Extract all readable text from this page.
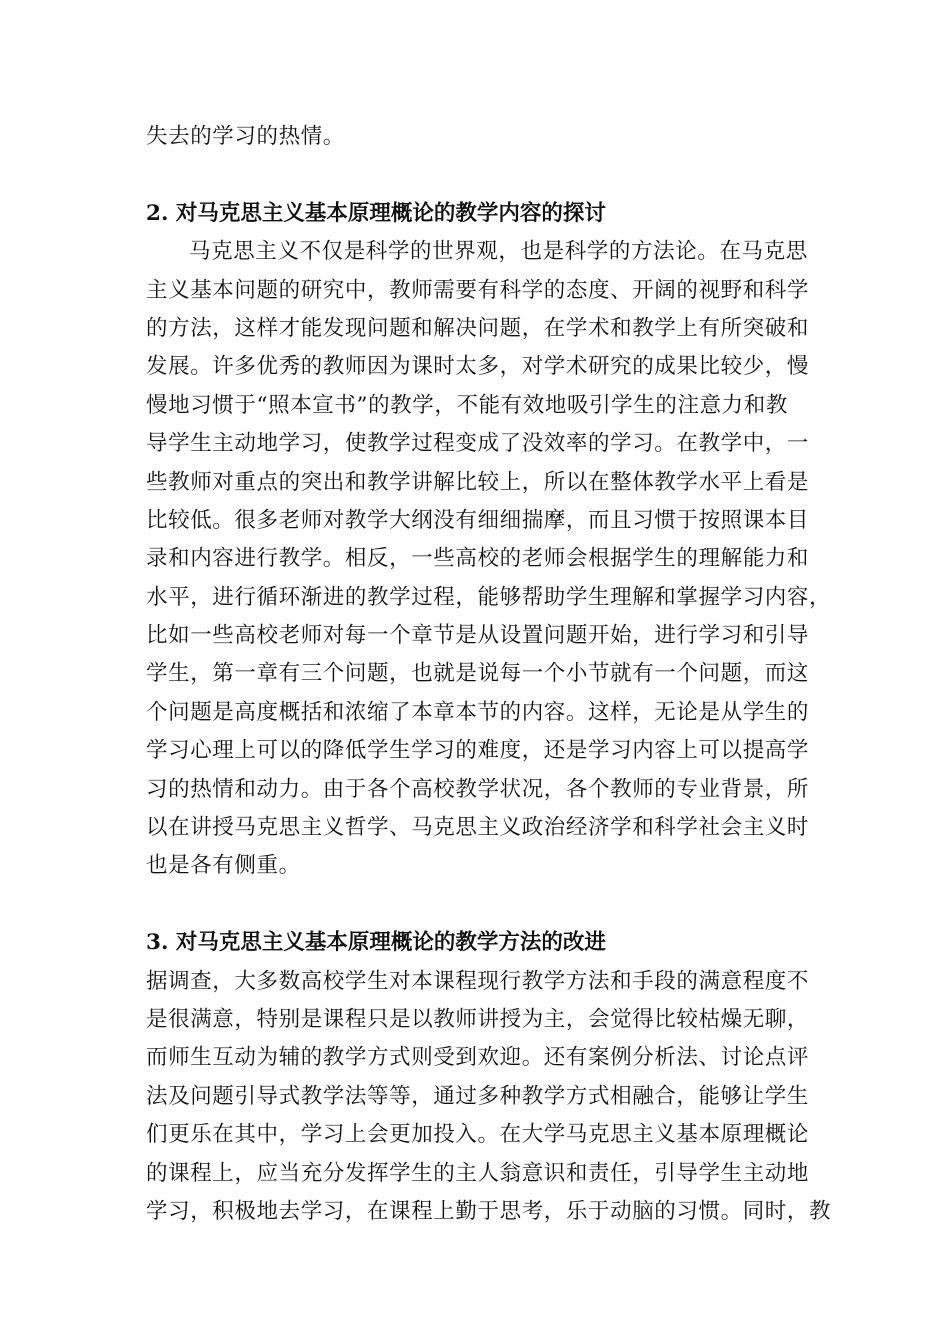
失去的学习的热情。
2. 对马克思主义基本原理概论的教学内容的探讨
马克思主义不仅是科学的世界观，也是科学的方法论。在马克思
主义基本问题的研究中，教师需要有科学的态度、开阔的视野和科学
的方法，这样才能发现问题和解决问题，在学术和教学上有所突破和
发展。许多优秀的教师因为课时太多，对学术研究的成果比较少，慢
慢地习惯于“照本宣书”的教学，不能有效地吸引学生的注意力和教
导学生主动地学习，使教学过程变成了没效率的学习。在教学中，一
些教师对重点的突出和教学讲解比较上，所以在整体教学水平上看是
比较低。很多老师对教学大纲没有细细揣摩，而且习惯于按照课本目
录和内容进行教学。相反，一些高校的老师会根据学生的理解能力和
水平，进行循环渐进的教学过程，能够帮助学生理解和掌握学习内容，
比如一些高校老师对每一个章节是从设置问题开始，进行学习和引导
学生，第一章有三个问题，也就是说每一个小节就有一个问题，而这
个问题是高度概括和浓缩了本章本节的内容。这样，无论是从学生的
学习心理上可以的降低学生学习的难度，还是学习内容上可以提高学
习的热情和动力。由于各个高校教学状况，各个教师的专业背景，所
以在讲授马克思主义哲学、马克思主义政治经济学和科学社会主义时
也是各有侧重。
3. 对马克思主义基本原理概论的教学方法的改进
据调查，大多数高校学生对本课程现行教学方法和手段的满意程度不
是很满意，特别是课程只是以教师讲授为主，会觉得比较枯燥无聊，
而师生互动为辅的教学方式则受到欢迎。还有案例分析法、讨论点评
法及问题引导式教学法等等，通过多种教学方式相融合，能够让学生
们更乐在其中，学习上会更加投入。在大学马克思主义基本原理概论
的课程上，应当充分发挥学生的主人翁意识和责任，引导学生主动地
学习，积极地去学习，在课程上勤于思考，乐于动脑的习惯。同时，教
